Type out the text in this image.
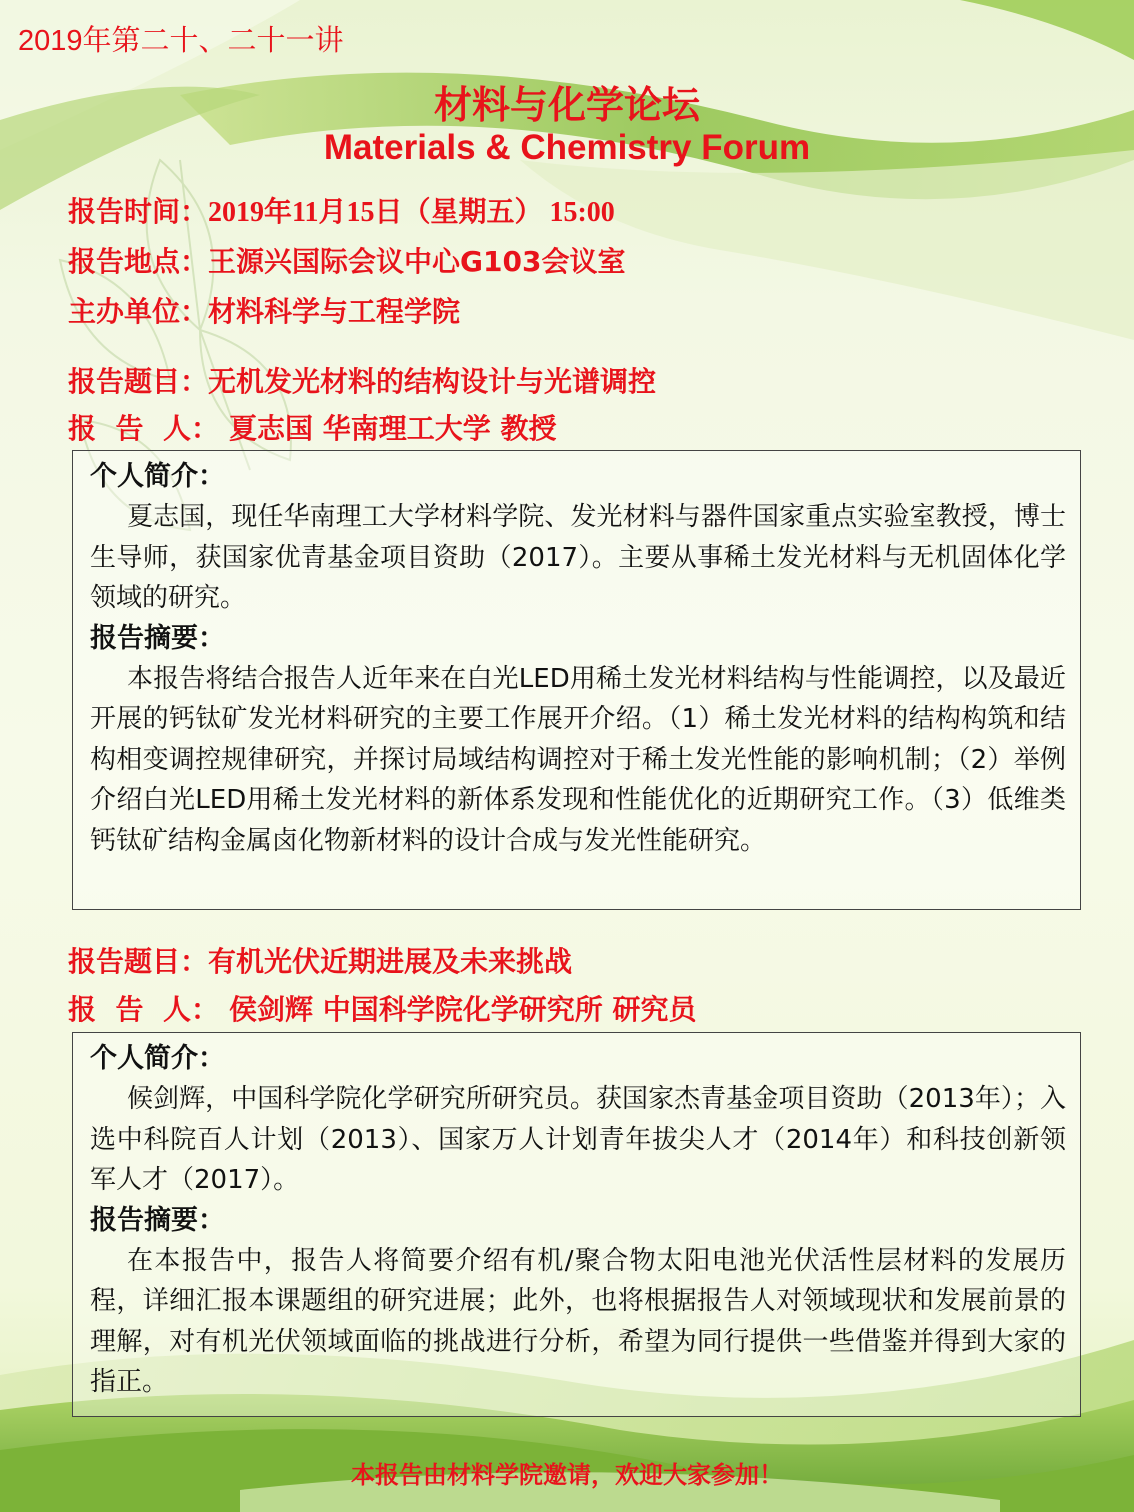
2019年第二十、二十一讲
材料与化学论坛
Materials & Chemistry Forum
报告时间： 2019年11月15日（星期五） 15:00
报告地点： 王源兴国际会议中心G103会议室
主办单位： 材料科学与工程学院
报告题目： 无机发光材料的结构设计与光谱调控
报  告  人： 夏志国 华南理工大学 教授

个人简介：

夏志国，现任华南理工大学材料学院、发光材料与器件国家重点实验室教授，博士生导师，获国家优青基金项目资助（2017）。主要从事稀土发光材料与无机固体化学领域的研究。

报告摘要：

本报告将结合报告人近年来在白光LED用稀土发光材料结构与性能调控，以及最近开展的钙钛矿发光材料研究的主要工作展开介绍。（1）稀土发光材料的结构构筑和结构相变调控规律研究，并探讨局域结构调控对于稀土发光性能的影响机制；（2）举例介绍白光LED用稀土发光材料的新体系发现和性能优化的近期研究工作。（3）低维类钙钛矿结构金属卤化物新材料的设计合成与发光性能研究。

报告题目： 有机光伏近期进展及未来挑战
报  告  人： 侯剑辉 中国科学院化学研究所 研究员

个人简介：

候剑辉，中国科学院化学研究所研究员。获国家杰青基金项目资助（2013年）；入选中科院百人计划（2013）、国家万人计划青年拔尖人才（2014年）和科技创新领军人才（2017）。

报告摘要：

在本报告中，报告人将简要介绍有机/聚合物太阳电池光伏活性层材料的发展历程，详细汇报本课题组的研究进展；此外，也将根据报告人对领域现状和发展前景的理解，对有机光伏领域面临的挑战进行分析，希望为同行提供一些借鉴并得到大家的指正。

本报告由材料学院邀请，欢迎大家参加！
